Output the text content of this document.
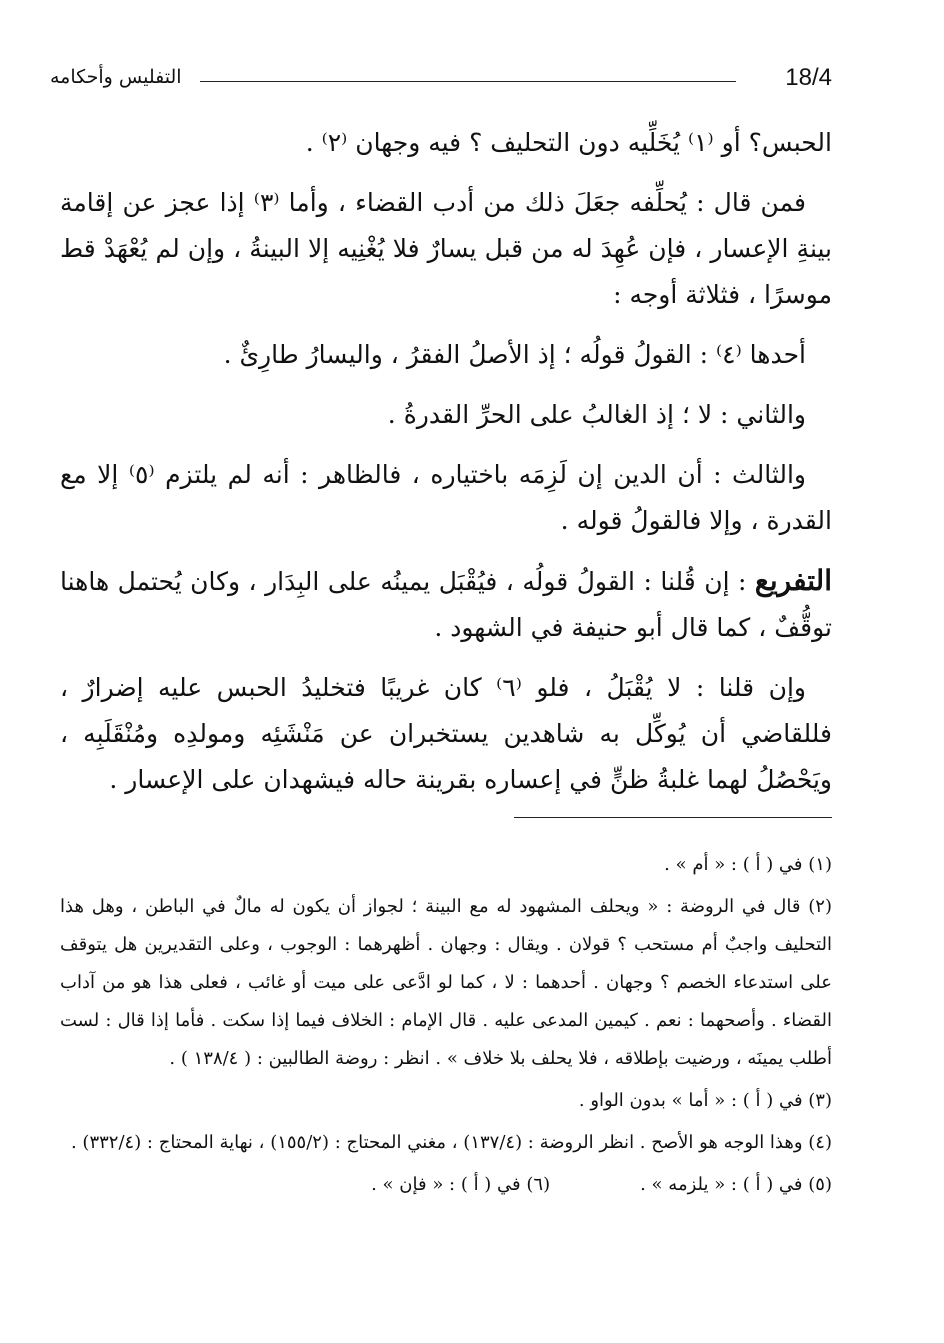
18/4
التفليس وأحكامه

الحبس؟ أو ⁽١⁾ يُخَلِّيه دون التحليف ؟ فيه وجهان ⁽٢⁾ .

فمن قال : يُحلِّفه جعَلَ ذلك من أدب القضاء ، وأما ⁽٣⁾ إذا عجز عن إقامة بينةِ الإعسار ، فإن عُهِدَ له من قبل يسارٌ فلا يُغْنِيه إلا البينةُ ، وإن لم يُعْهَدْ قط موسرًا ، فثلاثة أوجه :

أحدها ⁽٤⁾ : القولُ قولُه ؛ إذ الأصلُ الفقرُ ، واليسارُ طارِئٌ .

والثاني : لا ؛ إذ الغالبُ على الحرِّ القدرةُ .

والثالث : أن الدين إن لَزِمَه باختياره ، فالظاهر : أنه لم يلتزم ⁽٥⁾ إلا مع القدرة ، وإلا فالقولُ قوله .

التفريع : إن قُلنا : القولُ قولُه ، فيُقْبَل يمينُه على البِدَار ، وكان يُحتمل هاهنا توقُّفٌ ، كما قال أبو حنيفة في الشهود .

وإن قلنا : لا يُقْبَلُ ، فلو ⁽٦⁾ كان غريبًا فتخليدُ الحبس عليه إضرارٌ ، فللقاضي أن يُوكِّل به شاهدين يستخبران عن مَنْشَئِه ومولدِه ومُنْقَلَبِه ، ويَحْصُلُ لهما غلبةُ ظنٍّ في إعساره بقرينة حاله فيشهدان على الإعسار .

(١) في ( أ ) : « أم » .

(٢) قال في الروضة : « ويحلف المشهود له مع البينة ؛ لجواز أن يكون له مالٌ في الباطن ، وهل هذا التحليف واجبٌ أم مستحب ؟ قولان . ويقال : وجهان . أظهرهما : الوجوب ، وعلى التقديرين هل يتوقف على استدعاء الخصم ؟ وجهان . أحدهما : لا ، كما لو ادَّعى على ميت أو غائب ، فعلى هذا هو من آداب القضاء . وأصحهما : نعم . كيمين المدعى عليه . قال الإمام : الخلاف فيما إذا سكت . فأما إذا قال : لست أطلب يمينَه ، ورضيت بإطلاقه ، فلا يحلف بلا خلاف » . انظر : روضة الطالبين : ( ١٣٨/٤ ) .

(٣) في ( أ ) : « أما » بدون الواو .

(٤) وهذا الوجه هو الأصح . انظر الروضة : (١٣٧/٤) ، مغني المحتاج : (١٥٥/٢) ، نهاية المحتاج : (٣٣٢/٤) .

(٥) في ( أ ) : « يلزمه » .
(٦) في ( أ ) : « فإن » .
